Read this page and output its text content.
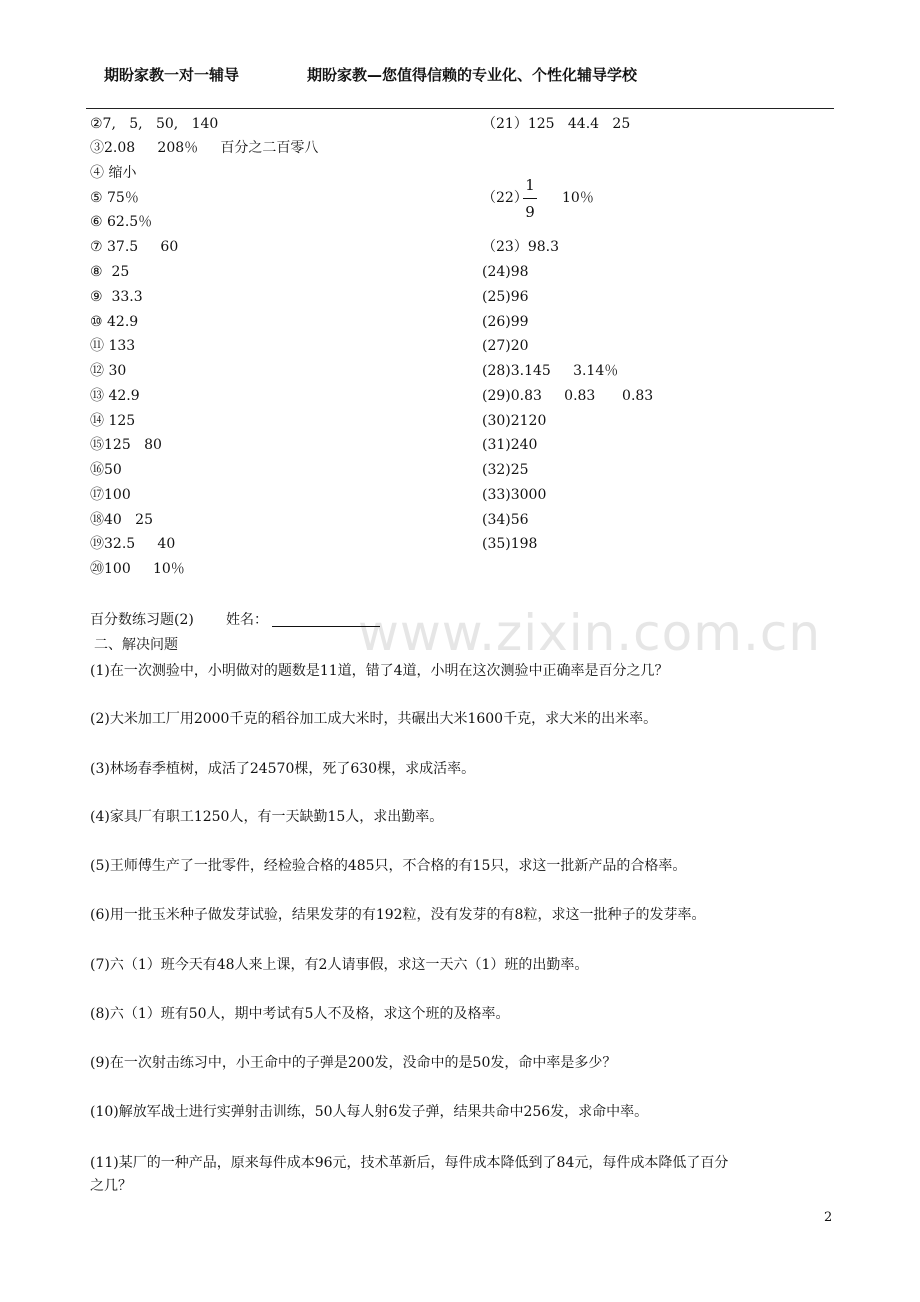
期盼家教一对一辅导	期盼家教—您值得信赖的专业化、个性化辅导学校
www.zixin.com.cn
②7,   5,   50,   140
③2.08     208％     百分之二百零八
④ 缩小
⑤ 75％
⑥ 62.5％
⑦ 37.5     60
⑧  25
⑨  33.3
⑩ 42.9
⑪ 133
⑫ 30
⑬ 42.9
⑭ 125
⑮125   80
⑯50
⑰100
⑱40   25
⑲32.5     40
⑳100     10％
（21）125   44.4   25
（22） 10％
（23）98.3
(24)98
(25)96
(26)99
(27)20
(28)3.145     3.14％
(29)0.83     0.83      0.83
(30)2120
(31)240
(32)25
(33)3000
(34)56
(35)198
1
9
百分数练习题(2) 姓名：
二、解决问题
(1)在一次测验中，小明做对的题数是11道，错了4道，小明在这次测验中正确率是百分之几？
(2)大米加工厂用2000千克的稻谷加工成大米时，共碾出大米1600千克，求大米的出米率。
(3)林场春季植树，成活了24570棵，死了630棵，求成活率。
(4)家具厂有职工1250人，有一天缺勤15人，求出勤率。
(5)王师傅生产了一批零件，经检验合格的485只，不合格的有15只，求这一批新产品的合格率。
(6)用一批玉米种子做发芽试验，结果发芽的有192粒，没有发芽的有8粒，求这一批种子的发芽率。
(7)六（1）班今天有48人来上课，有2人请事假，求这一天六（1）班的出勤率。
(8)六（1）班有50人，期中考试有5人不及格，求这个班的及格率。
(9)在一次射击练习中，小王命中的子弹是200发，没命中的是50发，命中率是多少？
(10)解放军战士进行实弹射击训练，50人每人射6发子弹，结果共命中256发，求命中率。
(11)某厂的一种产品，原来每件成本96元，技术革新后，每件成本降低到了84元，每件成本降低了百分
之几？
2
